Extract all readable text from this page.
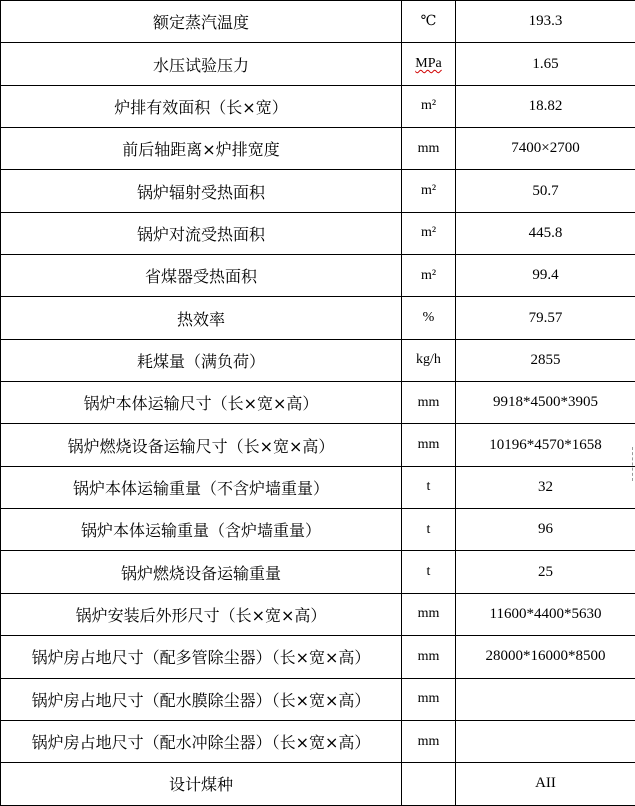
额定蒸汽温度	℃	193.3
水压试验压力	MPa	1.65
炉排有效面积（长×宽）	m²	18.82
前后轴距离×炉排宽度	mm	7400×2700
锅炉辐射受热面积	m²	50.7
锅炉对流受热面积	m²	445.8
省煤器受热面积	m²	99.4
热效率	%	79.57
耗煤量（满负荷）	kg/h	2855
锅炉本体运输尺寸（长×宽×高）	mm	9918*4500*3905
锅炉燃烧设备运输尺寸（长×宽×高）	mm	10196*4570*1658
锅炉本体运输重量（不含炉墙重量）	t	32
锅炉本体运输重量（含炉墙重量）	t	96
锅炉燃烧设备运输重量	t	25
锅炉安装后外形尺寸（长×宽×高）	mm	11600*4400*5630
锅炉房占地尺寸（配多管除尘器）（长×宽×高）	mm	28000*16000*8500
锅炉房占地尺寸（配水膜除尘器）（长×宽×高）	mm	
锅炉房占地尺寸（配水冲除尘器）（长×宽×高）	mm	
设计煤种		AII
